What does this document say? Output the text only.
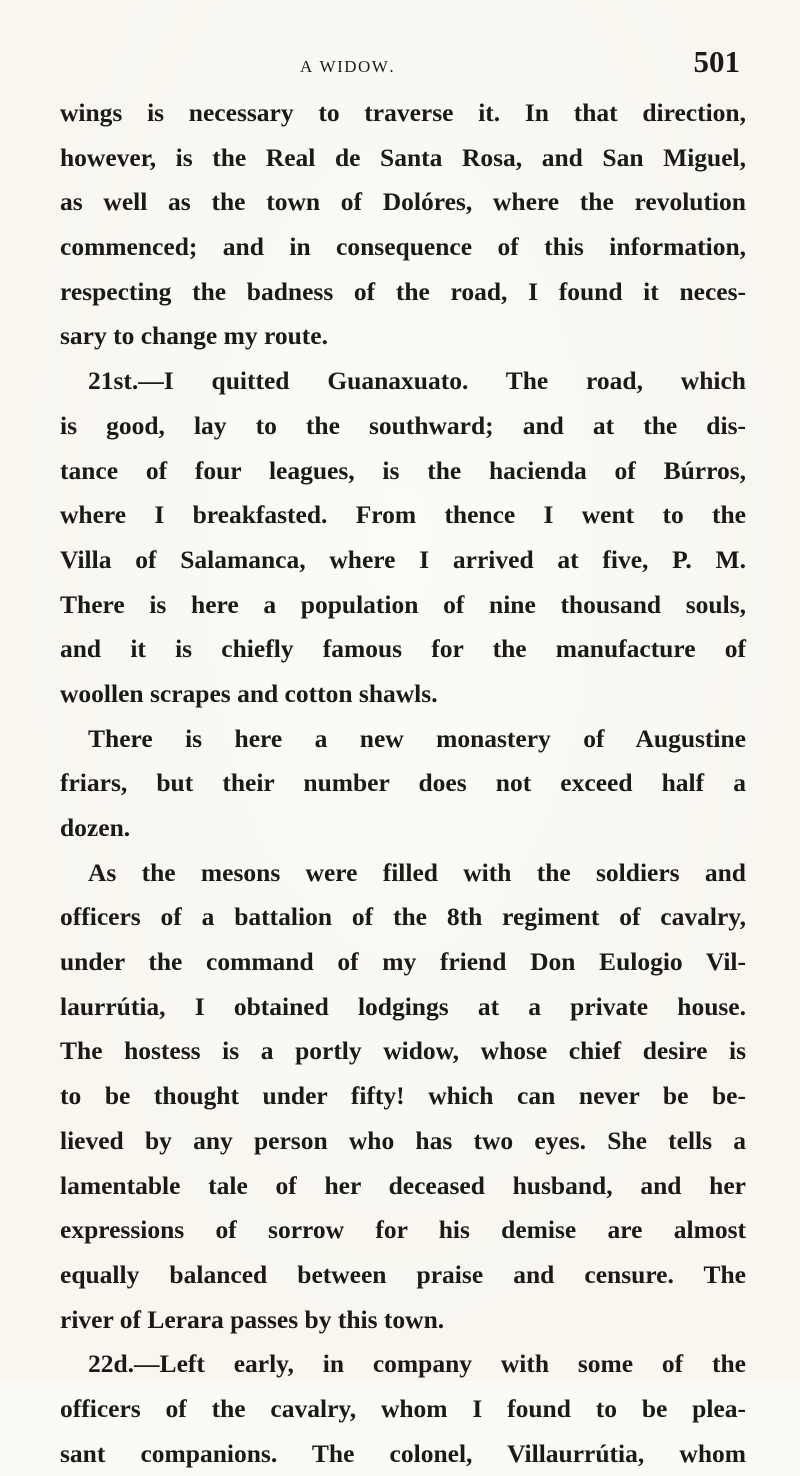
a widow.	501
wings is necessary to traverse it. In that direction,
however, is the Real de Santa Rosa, and San Miguel,
as well as the town of Dolóres, where the revolution
commenced; and in consequence of this information,
respecting the badness of the road, I found it neces-
sary to change my route.
21st.—I quitted Guanaxuato. The road, which
is good, lay to the southward; and at the dis-
tance of four leagues, is the hacienda of Búrros,
where I breakfasted. From thence I went to the
Villa of Salamanca, where I arrived at five, P. M.
There is here a population of nine thousand souls,
and it is chiefly famous for the manufacture of
woollen scrapes and cotton shawls.
There is here a new monastery of Augustine
friars, but their number does not exceed half a
dozen.
As the mesons were filled with the soldiers and
officers of a battalion of the 8th regiment of cavalry,
under the command of my friend Don Eulogio Vil-
laurrútia, I obtained lodgings at a private house.
The hostess is a portly widow, whose chief desire is
to be thought under fifty! which can never be be-
lieved by any person who has two eyes. She tells a
lamentable tale of her deceased husband, and her
expressions of sorrow for his demise are almost
equally balanced between praise and censure. The
river of Lerara passes by this town.
22d.—Left early, in company with some of the
officers of the cavalry, whom I found to be plea-
sant companions. The colonel, Villaurrútia, whom
